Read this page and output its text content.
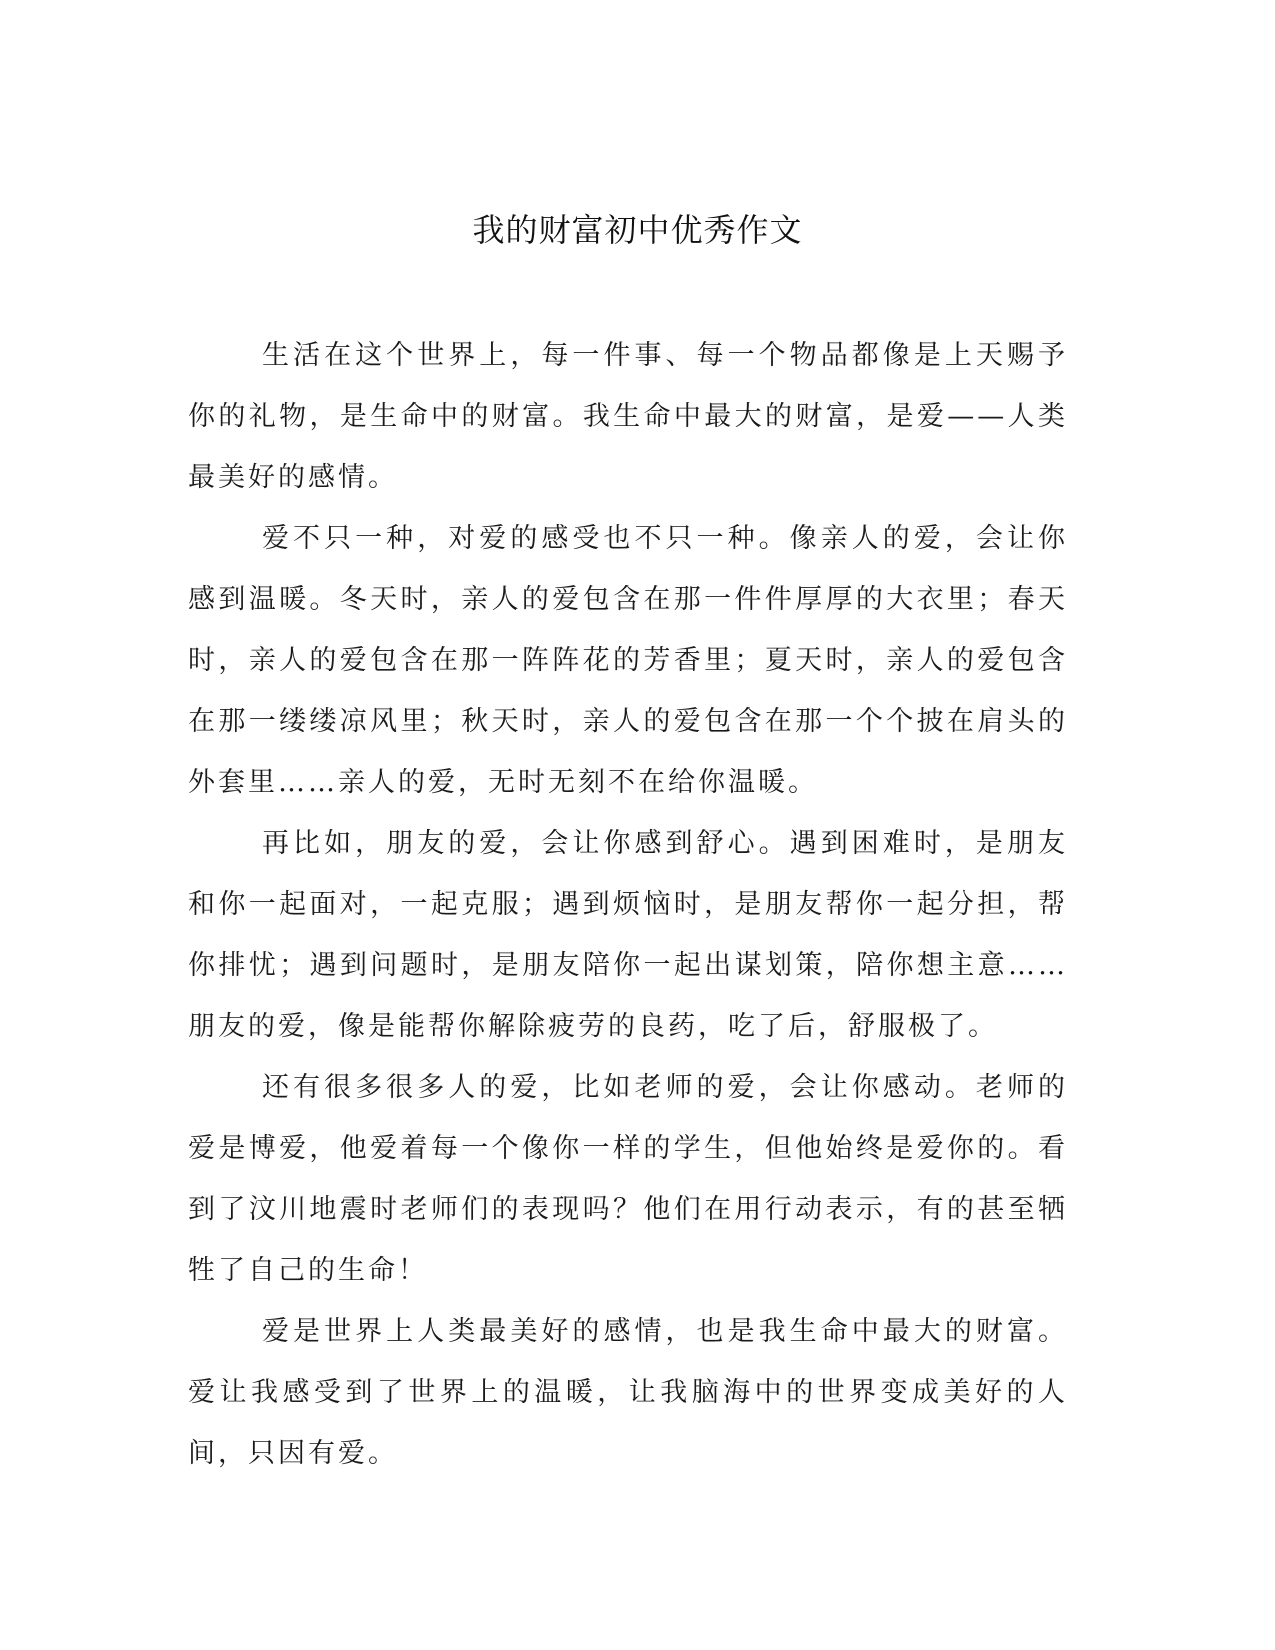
我的财富初中优秀作文

生活在这个世界上，每一件事、每一个物品都像是上天赐予你的礼物，是生命中的财富。我生命中最大的财富，是爱——人类最美好的感情。

爱不只一种，对爱的感受也不只一种。像亲人的爱，会让你感到温暖。冬天时，亲人的爱包含在那一件件厚厚的大衣里；春天时，亲人的爱包含在那一阵阵花的芳香里；夏天时，亲人的爱包含在那一缕缕凉风里；秋天时，亲人的爱包含在那一个个披在肩头的外套里……亲人的爱，无时无刻不在给你温暖。

再比如，朋友的爱，会让你感到舒心。遇到困难时，是朋友和你一起面对，一起克服；遇到烦恼时，是朋友帮你一起分担，帮你排忧；遇到问题时，是朋友陪你一起出谋划策，陪你想主意……朋友的爱，像是能帮你解除疲劳的良药，吃了后，舒服极了。

还有很多很多人的爱，比如老师的爱，会让你感动。老师的爱是博爱，他爱着每一个像你一样的学生，但他始终是爱你的。看到了汶川地震时老师们的表现吗？他们在用行动表示，有的甚至牺牲了自己的生命！

爱是世界上人类最美好的感情，也是我生命中最大的财富。爱让我感受到了世界上的温暖，让我脑海中的世界变成美好的人间，只因有爱。
